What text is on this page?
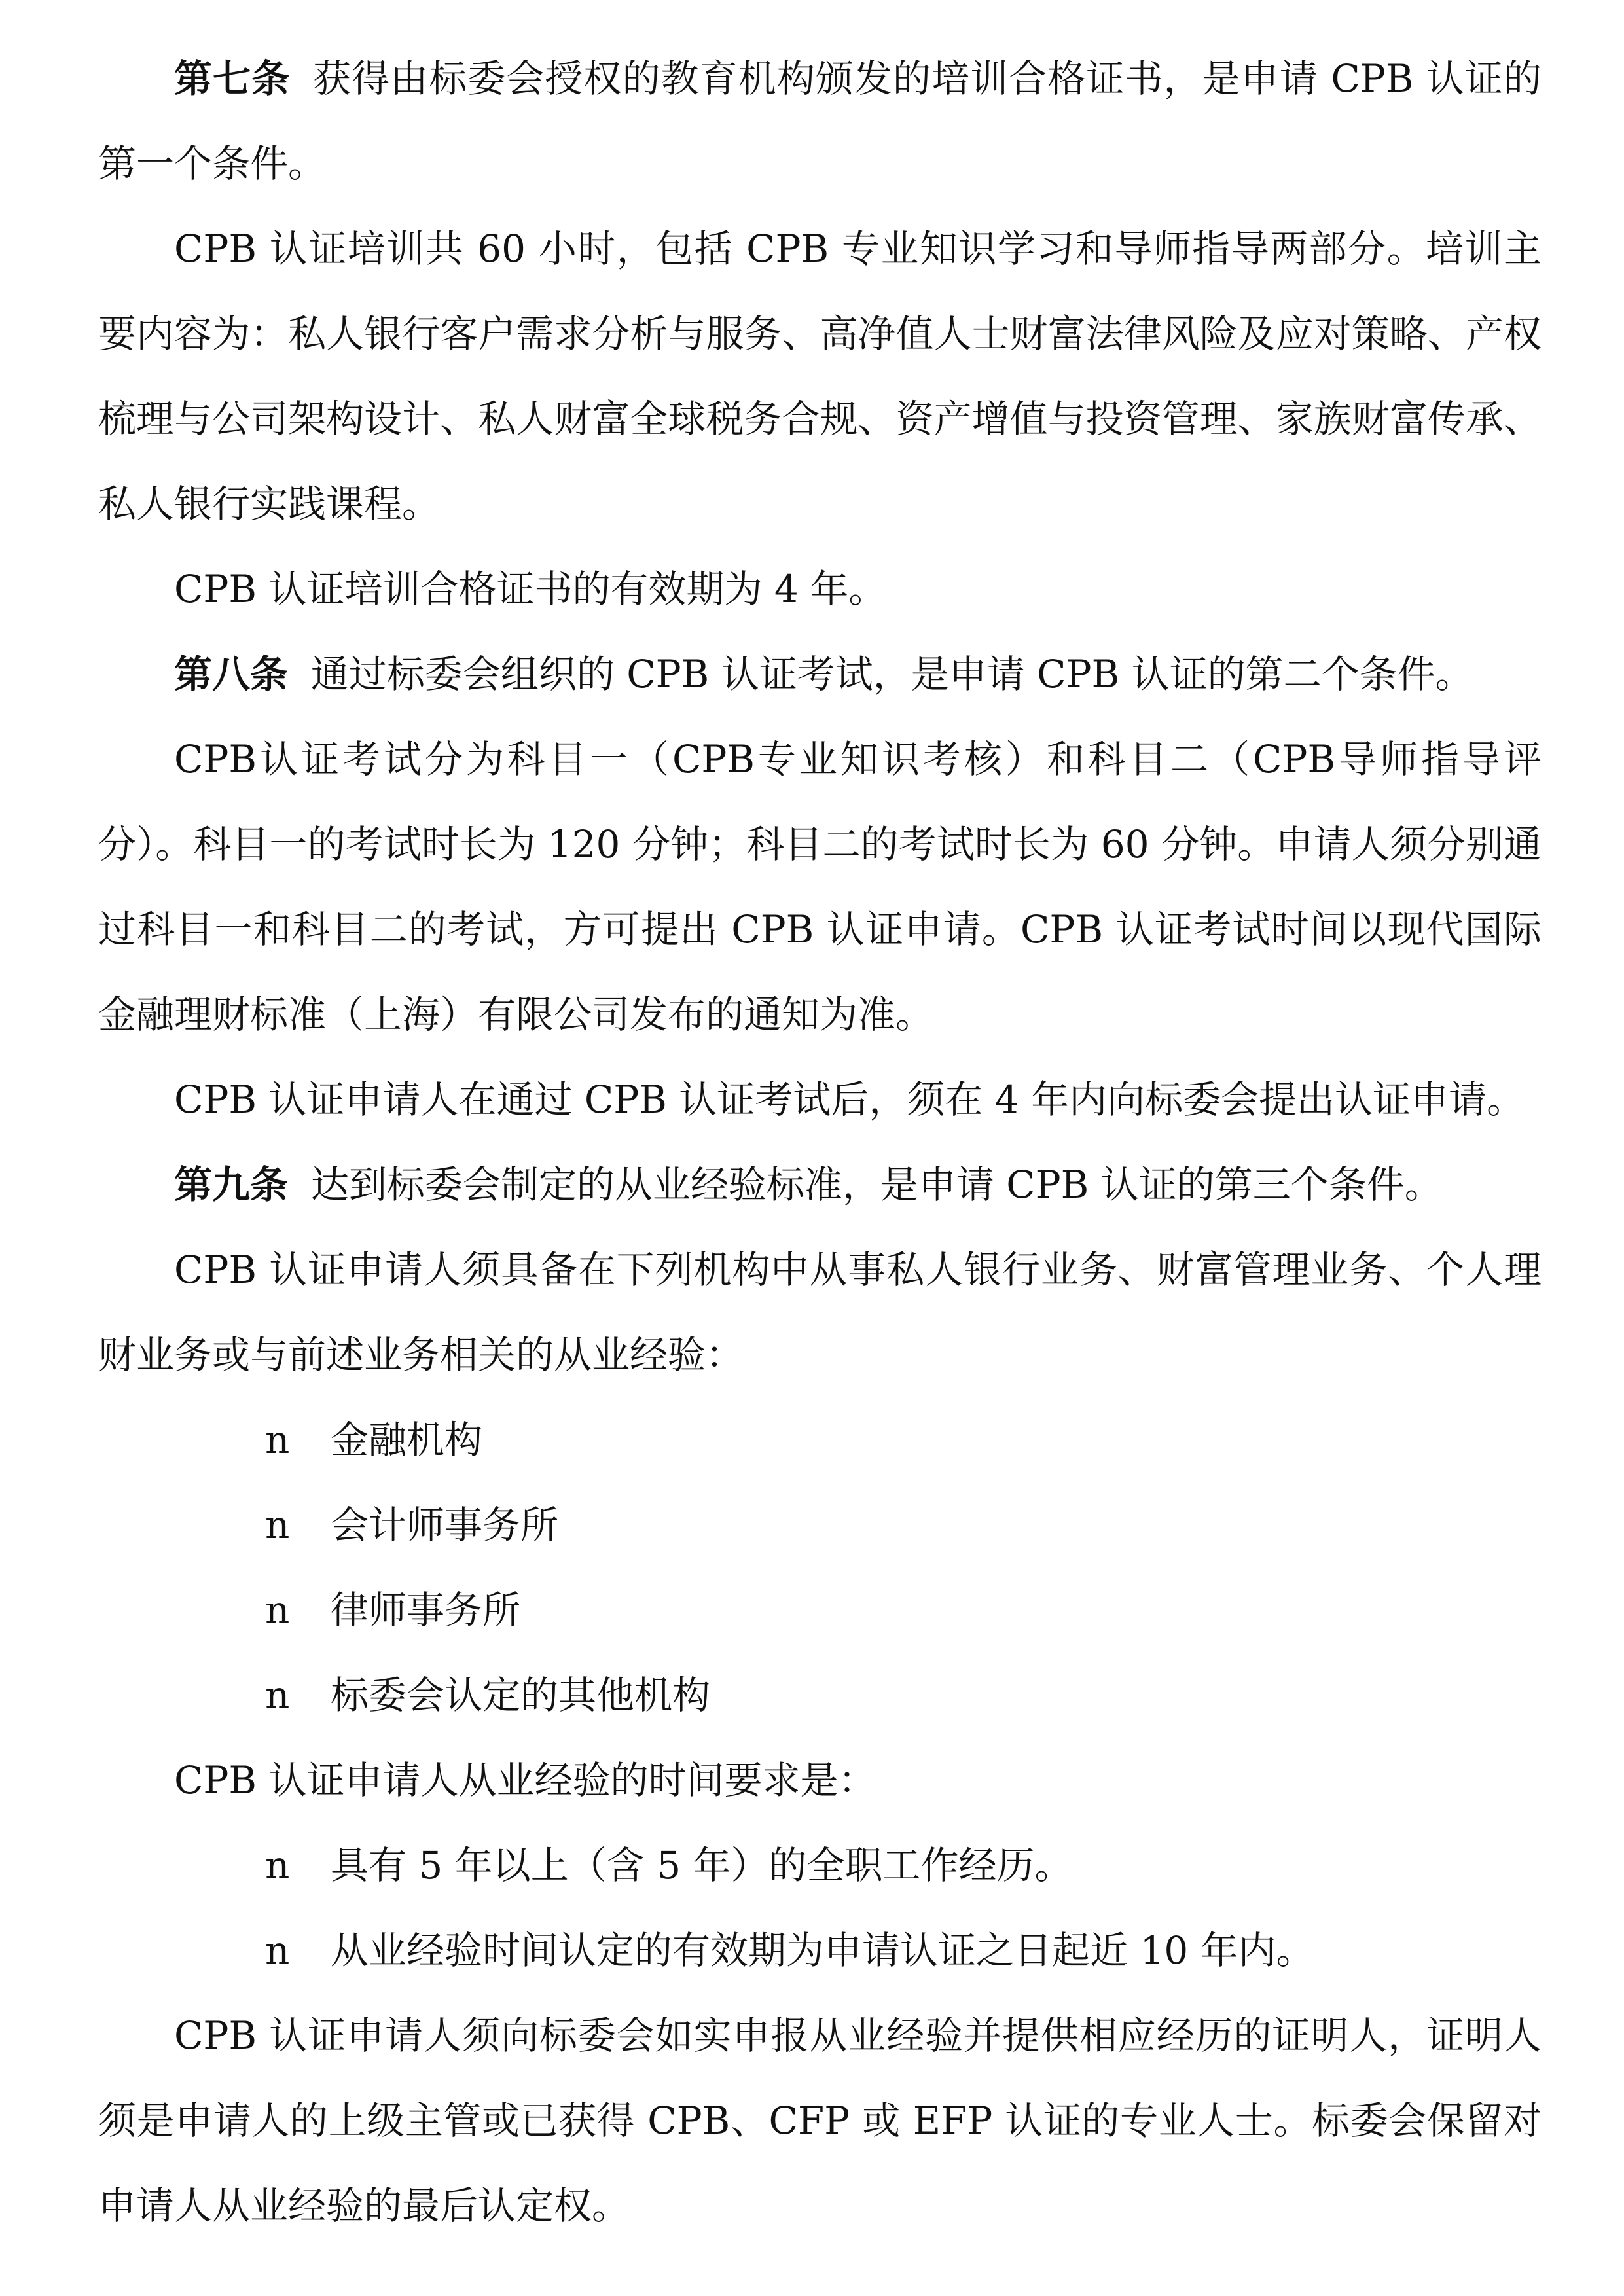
第七条 获得由标委会授权的教育机构颁发的培训合格证书，是申请 CPB 认证的第一个条件。

CPB 认证培训共 60 小时，包括 CPB 专业知识学习和导师指导两部分。培训主要内容为：私人银行客户需求分析与服务、高净值人士财富法律风险及应对策略、产权梳理与公司架构设计、私人财富全球税务合规、资产增值与投资管理、家族财富传承、私人银行实践课程。

CPB 认证培训合格证书的有效期为 4 年。

第八条 通过标委会组织的 CPB 认证考试，是申请 CPB 认证的第二个条件。

CPB认证考试分为科目一（CPB专业知识考核）和科目二（CPB导师指导评分）。科目一的考试时长为 120 分钟；科目二的考试时长为 60 分钟。申请人须分别通过科目一和科目二的考试，方可提出 CPB 认证申请。CPB 认证考试时间以现代国际金融理财标准（上海）有限公司发布的通知为准。

CPB 认证申请人在通过 CPB 认证考试后，须在 4 年内向标委会提出认证申请。

第九条 达到标委会制定的从业经验标准，是申请 CPB 认证的第三个条件。

CPB 认证申请人须具备在下列机构中从事私人银行业务、财富管理业务、个人理财业务或与前述业务相关的从业经验：

n 金融机构

n 会计师事务所

n 律师事务所

n 标委会认定的其他机构

CPB 认证申请人从业经验的时间要求是：

n 具有 5 年以上（含 5 年）的全职工作经历。

n 从业经验时间认定的有效期为申请认证之日起近 10 年内。

CPB 认证申请人须向标委会如实申报从业经验并提供相应经历的证明人，证明人须是申请人的上级主管或已获得 CPB、CFP 或 EFP 认证的专业人士。标委会保留对申请人从业经验的最后认定权。
